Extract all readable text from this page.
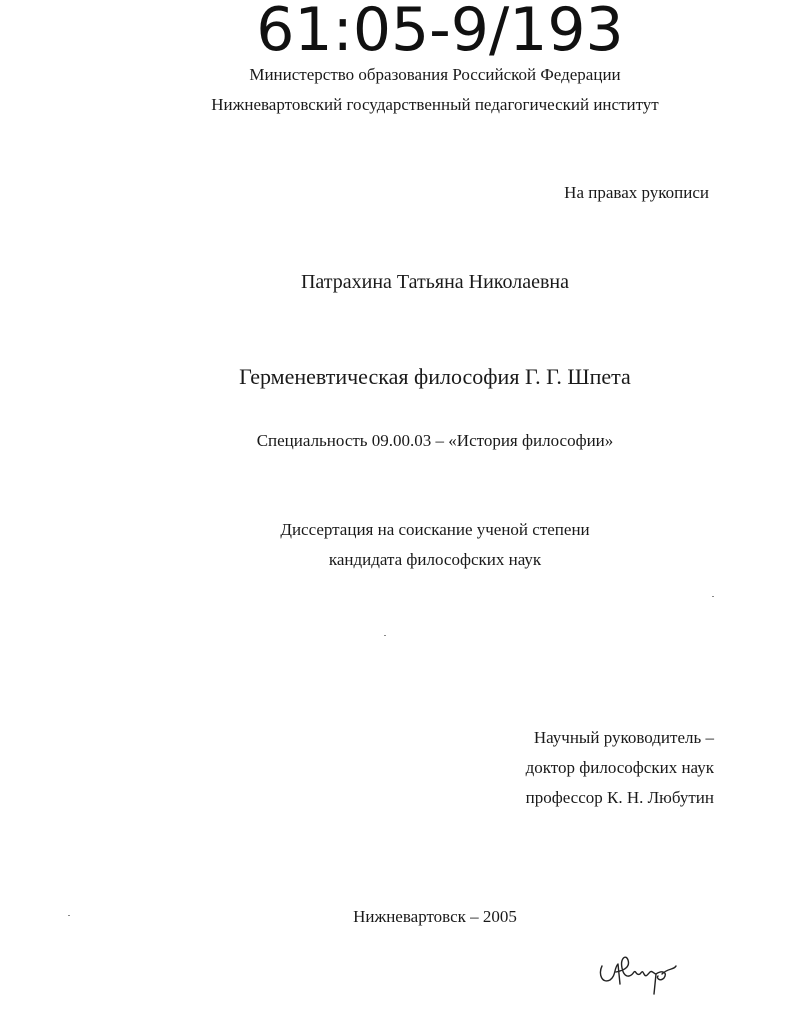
61:05-9/193
Министерство образования Российской Федерации
Нижневартовский государственный педагогический институт
На правах рукописи
Патрахина Татьяна Николаевна
Герменевтическая философия Г. Г. Шпета
Специальность 09.00.03 – «История философии»
Диссертация на соискание ученой степени
кандидата философских наук
Научный руководитель –
доктор философских наук
профессор К. Н. Любутин
Нижневартовск – 2005
